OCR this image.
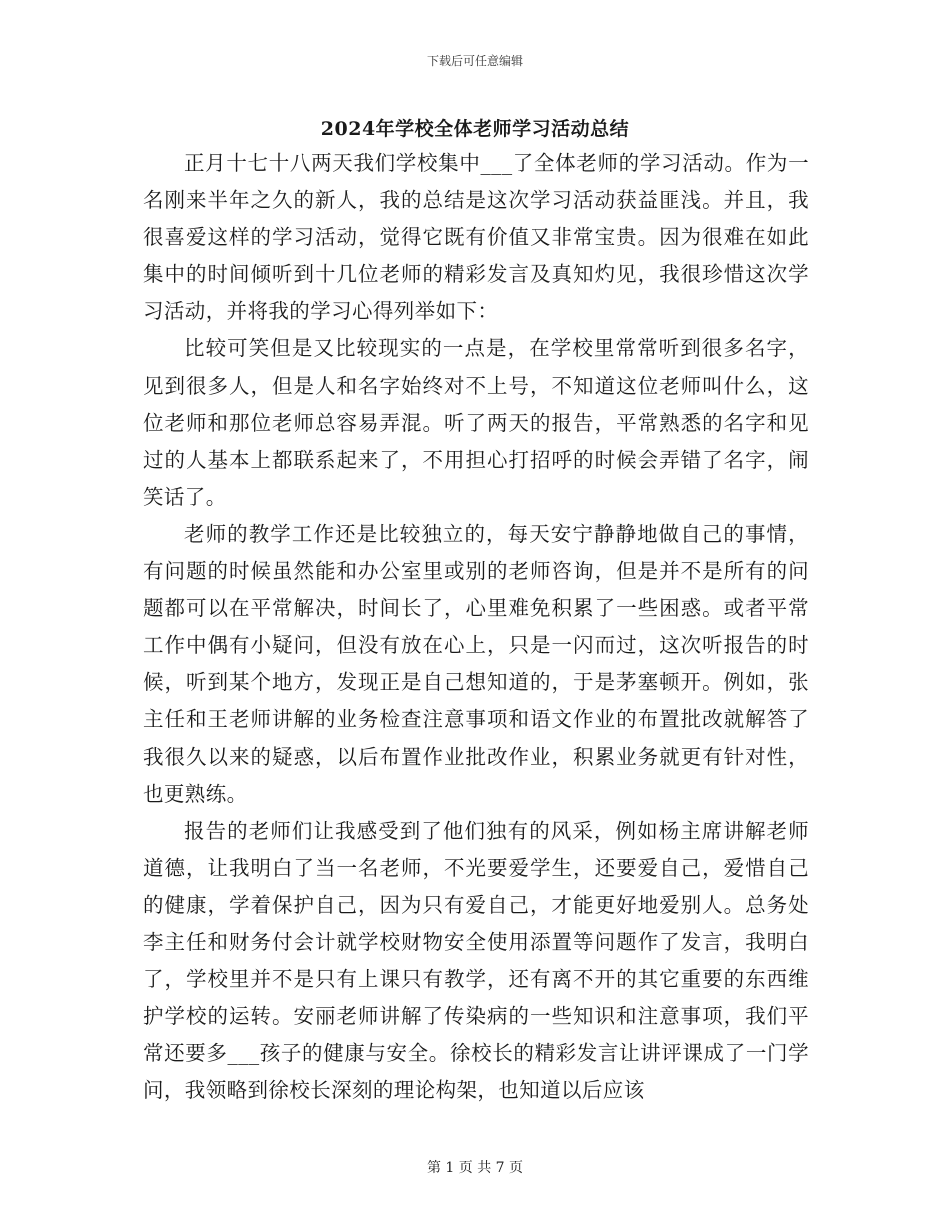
下载后可任意编辑
2024年学校全体老师学习活动总结

正月十七十八两天我们学校集中___了全体老师的学习活动。作为一名刚来半年之久的新人，我的总结是这次学习活动获益匪浅。并且，我很喜爱这样的学习活动，觉得它既有价值又非常宝贵。因为很难在如此集中的时间倾听到十几位老师的精彩发言及真知灼见，我很珍惜这次学习活动，并将我的学习心得列举如下：

比较可笑但是又比较现实的一点是，在学校里常常听到很多名字，见到很多人，但是人和名字始终对不上号，不知道这位老师叫什么，这位老师和那位老师总容易弄混。听了两天的报告，平常熟悉的名字和见过的人基本上都联系起来了，不用担心打招呼的时候会弄错了名字，闹笑话了。

老师的教学工作还是比较独立的，每天安宁静静地做自己的事情，有问题的时候虽然能和办公室里或别的老师咨询，但是并不是所有的问题都可以在平常解决，时间长了，心里难免积累了一些困惑。或者平常工作中偶有小疑问，但没有放在心上，只是一闪而过，这次听报告的时候，听到某个地方，发现正是自己想知道的，于是茅塞顿开。例如，张主任和王老师讲解的业务检查注意事项和语文作业的布置批改就解答了我很久以来的疑惑，以后布置作业批改作业，积累业务就更有针对性，也更熟练。

报告的老师们让我感受到了他们独有的风采，例如杨主席讲解老师道德，让我明白了当一名老师，不光要爱学生，还要爱自己，爱惜自己的健康，学着保护自己，因为只有爱自己，才能更好地爱别人。总务处李主任和财务付会计就学校财物安全使用添置等问题作了发言，我明白了，学校里并不是只有上课只有教学，还有离不开的其它重要的东西维护学校的运转。安丽老师讲解了传染病的一些知识和注意事项，我们平常还要多___孩子的健康与安全。徐校长的精彩发言让讲评课成了一门学问，我领略到徐校长深刻的理论构架，也知道以后应该

第 1 页 共 7 页
